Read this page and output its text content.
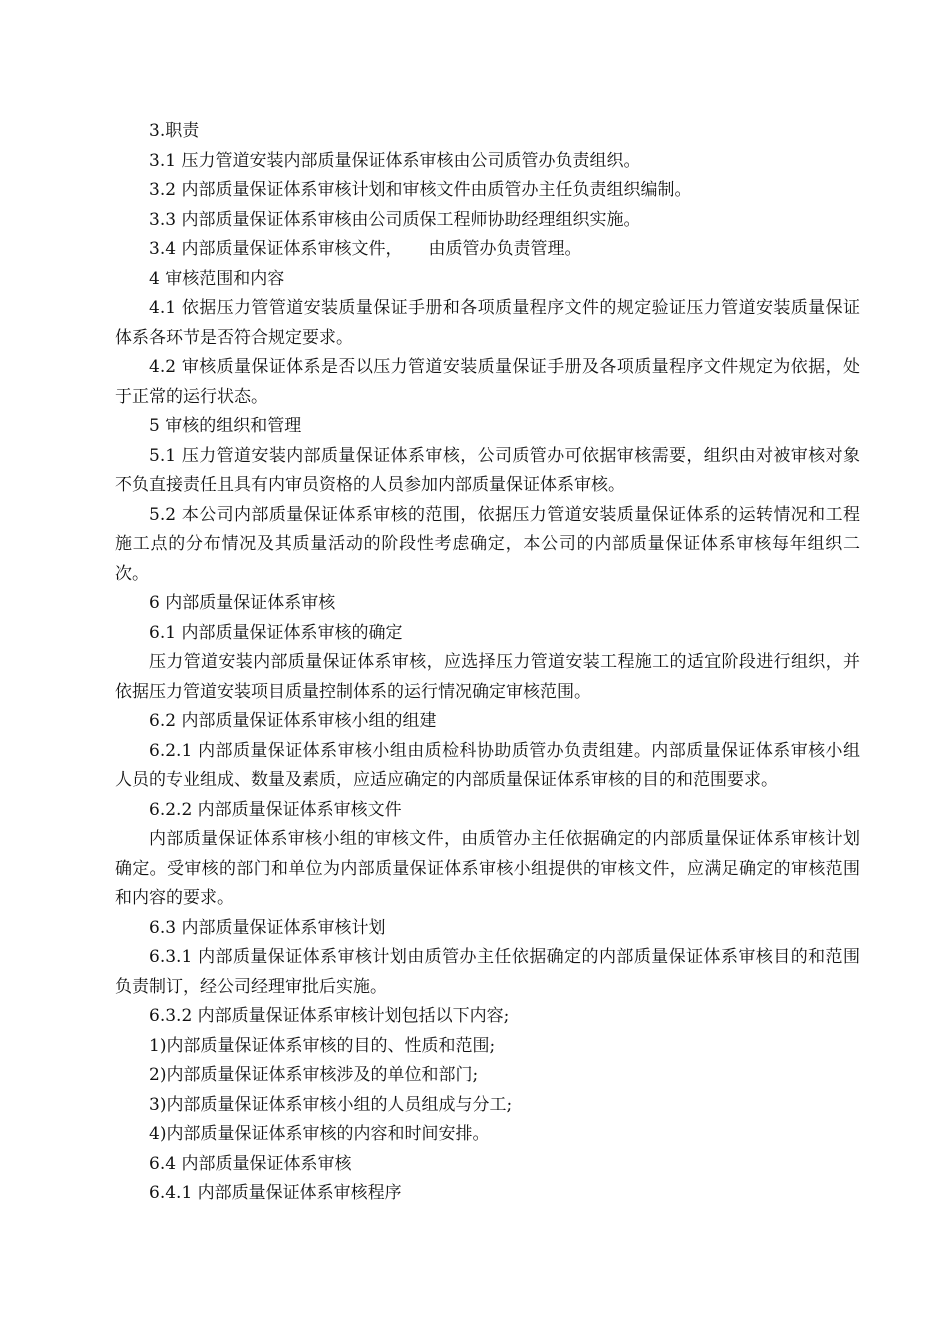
3.职责

3.1 压力管道安装内部质量保证体系审核由公司质管办负责组织。

3.2 内部质量保证体系审核计划和审核文件由质管办主任负责组织编制。

3.3 内部质量保证体系审核由公司质保工程师协助经理组织实施。

3.4 内部质量保证体系审核文件， 由质管办负责管理。

4 审核范围和内容

4.1 依据压力管管道安装质量保证手册和各项质量程序文件的规定验证压力管道安装质量保证体系各环节是否符合规定要求。

4.2 审核质量保证体系是否以压力管道安装质量保证手册及各项质量程序文件规定为依据，处于正常的运行状态。

5 审核的组织和管理

5.1 压力管道安装内部质量保证体系审核，公司质管办可依据审核需要，组织由对被审核对象不负直接责任且具有内审员资格的人员参加内部质量保证体系审核。

5.2 本公司内部质量保证体系审核的范围，依据压力管道安装质量保证体系的运转情况和工程施工点的分布情况及其质量活动的阶段性考虑确定，本公司的内部质量保证体系审核每年组织二次。

6 内部质量保证体系审核

6.1 内部质量保证体系审核的确定

压力管道安装内部质量保证体系审核，应选择压力管道安装工程施工的适宜阶段进行组织，并依据压力管道安装项目质量控制体系的运行情况确定审核范围。

6.2 内部质量保证体系审核小组的组建

6.2.1 内部质量保证体系审核小组由质检科协助质管办负责组建。内部质量保证体系审核小组人员的专业组成、数量及素质，应适应确定的内部质量保证体系审核的目的和范围要求。

6.2.2 内部质量保证体系审核文件

内部质量保证体系审核小组的审核文件，由质管办主任依据确定的内部质量保证体系审核计划确定。受审核的部门和单位为内部质量保证体系审核小组提供的审核文件，应满足确定的审核范围和内容的要求。

6.3 内部质量保证体系审核计划

6.3.1 内部质量保证体系审核计划由质管办主任依据确定的内部质量保证体系审核目的和范围负责制订，经公司经理审批后实施。

6.3.2 内部质量保证体系审核计划包括以下内容;

1)内部质量保证体系审核的目的、性质和范围;

2)内部质量保证体系审核涉及的单位和部门;

3)内部质量保证体系审核小组的人员组成与分工;

4)内部质量保证体系审核的内容和时间安排。

6.4 内部质量保证体系审核

6.4.1 内部质量保证体系审核程序
